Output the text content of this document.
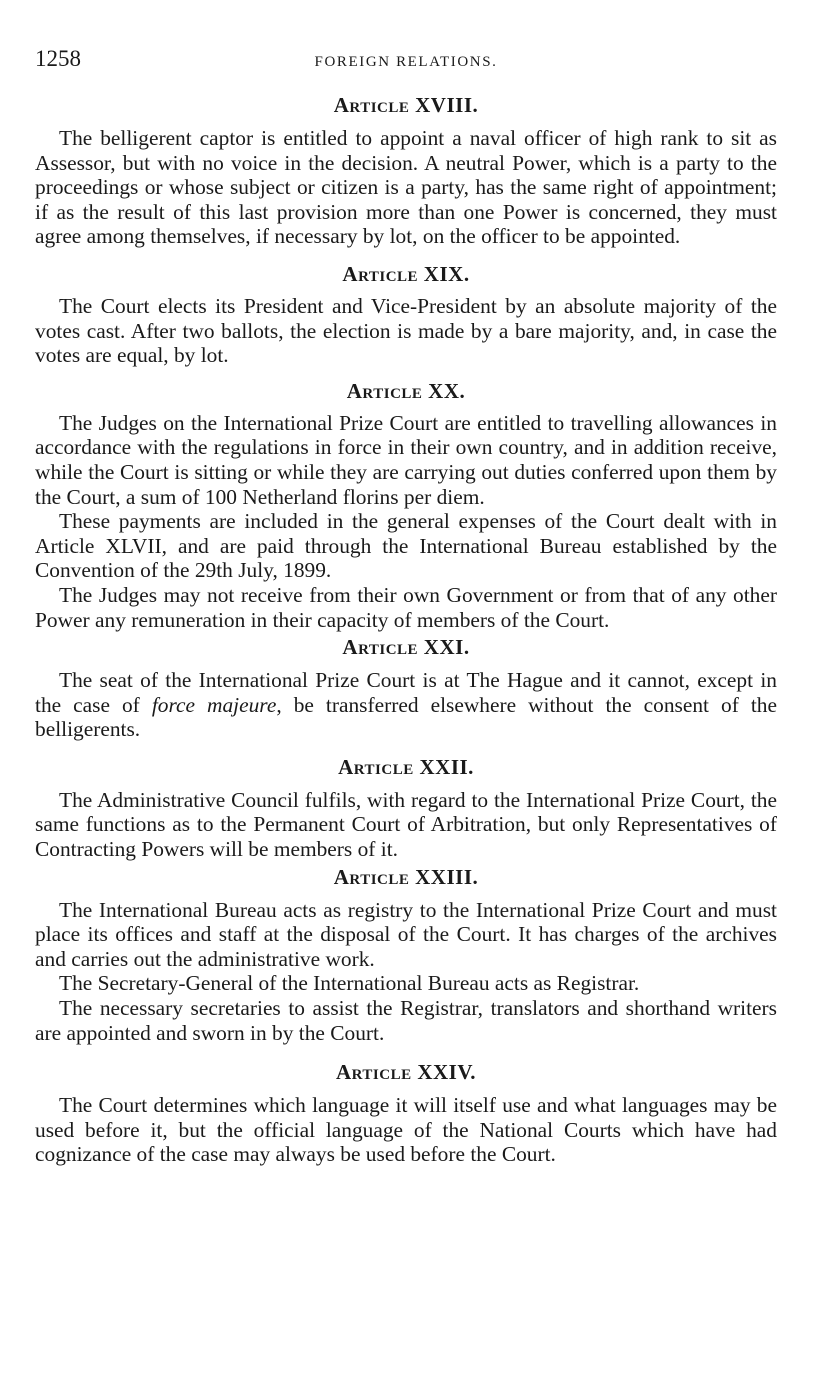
1258	FOREIGN RELATIONS.
Article XVIII.

The belligerent captor is entitled to appoint a naval officer of high rank to sit as Assessor, but with no voice in the decision. A neutral Power, which is a party to the proceedings or whose subject or citizen is a party, has the same right of appointment; if as the result of this last provision more than one Power is concerned, they must agree among themselves, if necessary by lot, on the officer to be appointed.

Article XIX.

The Court elects its President and Vice-President by an absolute majority of the votes cast. After two ballots, the election is made by a bare majority, and, in case the votes are equal, by lot.

Article XX.

The Judges on the International Prize Court are entitled to travelling allowances in accordance with the regulations in force in their own country, and in addition receive, while the Court is sitting or while they are carrying out duties conferred upon them by the Court, a sum of 100 Netherland florins per diem.

These payments are included in the general expenses of the Court dealt with in Article XLVII, and are paid through the International Bureau established by the Convention of the 29th July, 1899.

The Judges may not receive from their own Government or from that of any other Power any remuneration in their capacity of members of the Court.

Article XXI.

The seat of the International Prize Court is at The Hague and it cannot, except in the case of force majeure, be transferred elsewhere without the consent of the belligerents.

Article XXII.

The Administrative Council fulfils, with regard to the International Prize Court, the same functions as to the Permanent Court of Arbitration, but only Representatives of Contracting Powers will be members of it.

Article XXIII.

The International Bureau acts as registry to the International Prize Court and must place its offices and staff at the disposal of the Court. It has charges of the archives and carries out the administrative work.

The Secretary-General of the International Bureau acts as Registrar.

The necessary secretaries to assist the Registrar, translators and shorthand writers are appointed and sworn in by the Court.

Article XXIV.

The Court determines which language it will itself use and what languages may be used before it, but the official language of the National Courts which have had cognizance of the case may always be used before the Court.
